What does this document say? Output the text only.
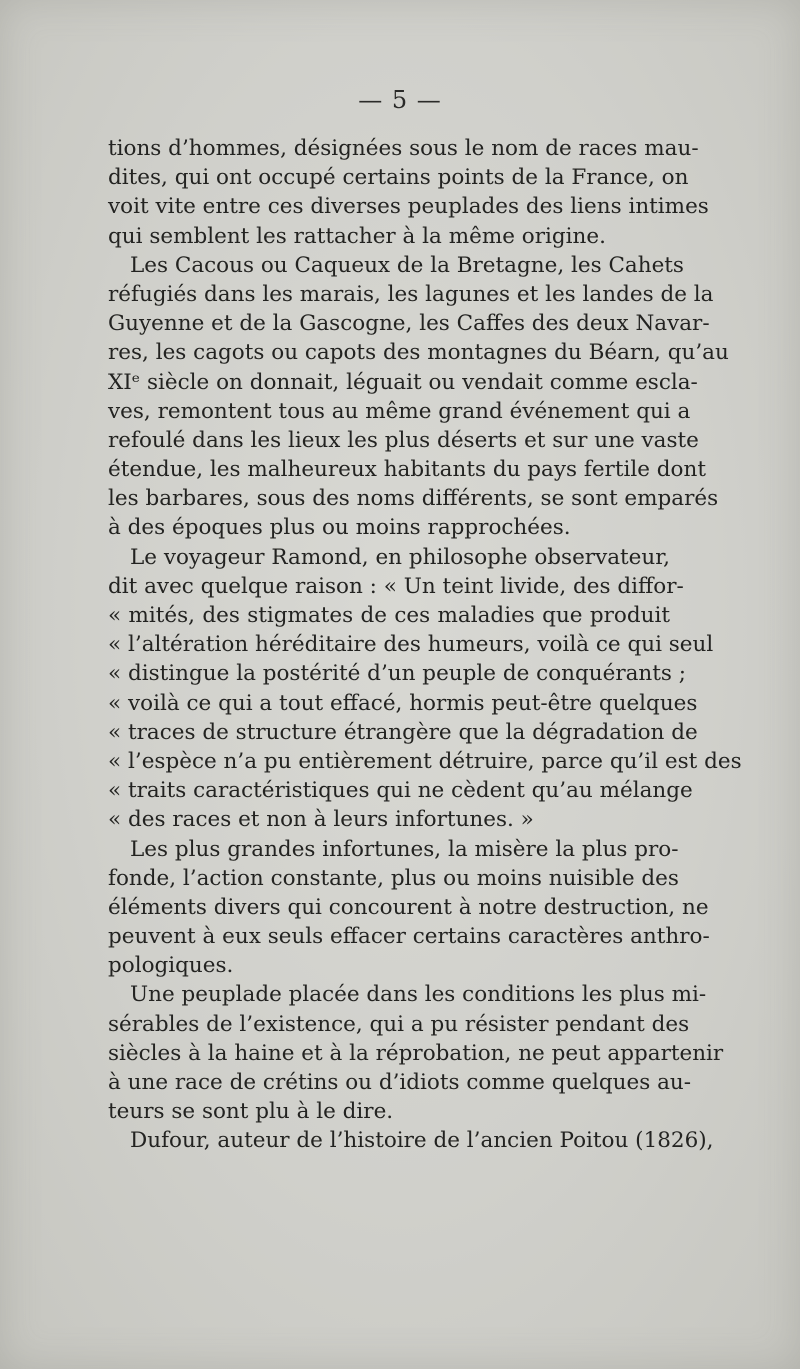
— 5 —
tions d’hommes, désignées sous le nom de races mau-
dites, qui ont occupé certains points de la France, on
voit vite entre ces diverses peuplades des liens intimes
qui semblent les rattacher à la même origine.
Les Cacous ou Caqueux de la Bretagne, les Cahets
réfugiés dans les marais, les lagunes et les landes de la
Guyenne et de la Gascogne, les Caffes des deux Navar-
res, les cagots ou capots des montagnes du Béarn, qu’au
XIᵉ siècle on donnait, léguait ou vendait comme escla-
ves, remontent tous au même grand événement qui a
refoulé dans les lieux les plus déserts et sur une vaste
étendue, les malheureux habitants du pays fertile dont
les barbares, sous des noms différents, se sont emparés
à des époques plus ou moins rapprochées.
Le voyageur Ramond, en philosophe observateur,
dit avec quelque raison : « Un teint livide, des diffor-
« mités, des stigmates de ces maladies que produit
« l’altération héréditaire des humeurs, voilà ce qui seul
« distingue la postérité d’un peuple de conquérants ;
« voilà ce qui a tout effacé, hormis peut-être quelques
« traces de structure étrangère que la dégradation de
« l’espèce n’a pu entièrement détruire, parce qu’il est des
« traits caractéristiques qui ne cèdent qu’au mélange
« des races et non à leurs infortunes. »
Les plus grandes infortunes, la misère la plus pro-
fonde, l’action constante, plus ou moins nuisible des
éléments divers qui concourent à notre destruction, ne
peuvent à eux seuls effacer certains caractères anthro-
pologiques.
Une peuplade placée dans les conditions les plus mi-
sérables de l’existence, qui a pu résister pendant des
siècles à la haine et à la réprobation, ne peut appartenir
à une race de crétins ou d’idiots comme quelques au-
teurs se sont plu à le dire.
Dufour, auteur de l’histoire de l’ancien Poitou (1826),
